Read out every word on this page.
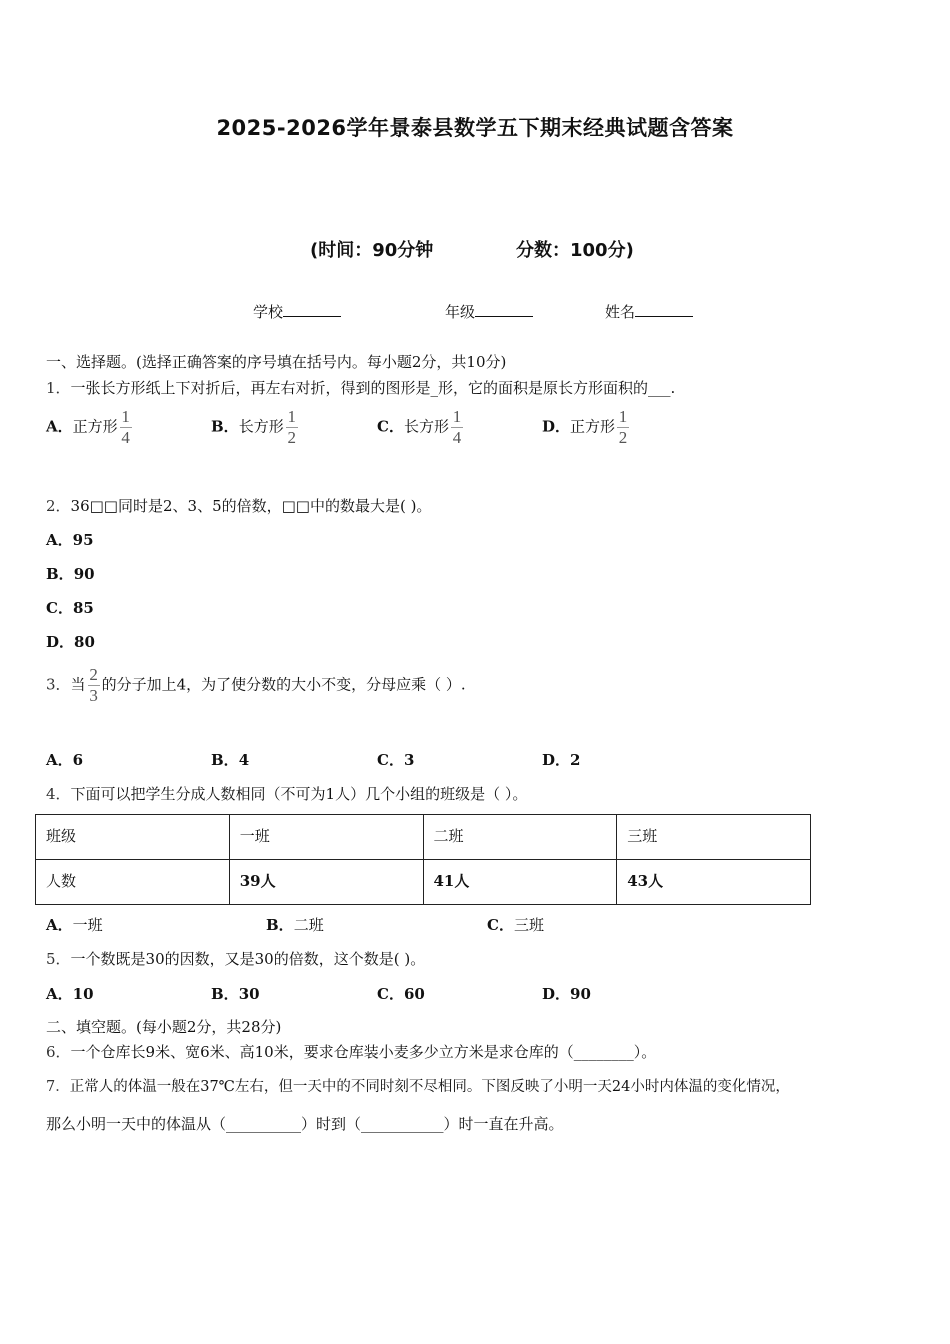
2025-2026学年景泰县数学五下期末经典试题含答案
(时间：90分钟	分数：100分)
学校	年级	姓名
一、选择题。(选择正确答案的序号填在括号内。每小题2分，共10分)
1．一张长方形纸上下对折后，再左右对折，得到的图形是_形，它的面积是原长方形面积的___.
A．正方形 $\frac{1}{4}$	B．长方形 $\frac{1}{2}$	C．长方形 $\frac{1}{4}$	D．正方形 $\frac{1}{2}$
2．36□□同时是2、3、5的倍数，□□中的数最大是( )。
A．95
B．90
C．85
D．80
3．当 $\frac{2}{3}$ 的分子加上4，为了使分数的大小不变，分母应乘（ ）.
A．6	B．4	C．3	D．2
4．下面可以把学生分成人数相同（不可为1人）几个小组的班级是（ ）。
班级	一班	二班	三班
人数	39人	41人	43人
A．一班	B．二班	C．三班
5．一个数既是30的因数，又是30的倍数，这个数是( )。
A．10	B．30	C．60	D．90
二、填空题。(每小题2分，共28分)
6．一个仓库长9米、宽6米、高10米，要求仓库装小麦多少立方米是求仓库的（________）。
7．正常人的体温一般在37℃左右，但一天中的不同时刻不尽相同。下图反映了小明一天24小时内体温的变化情况，
那么小明一天中的体温从（__________）时到（___________）时一直在升高。
